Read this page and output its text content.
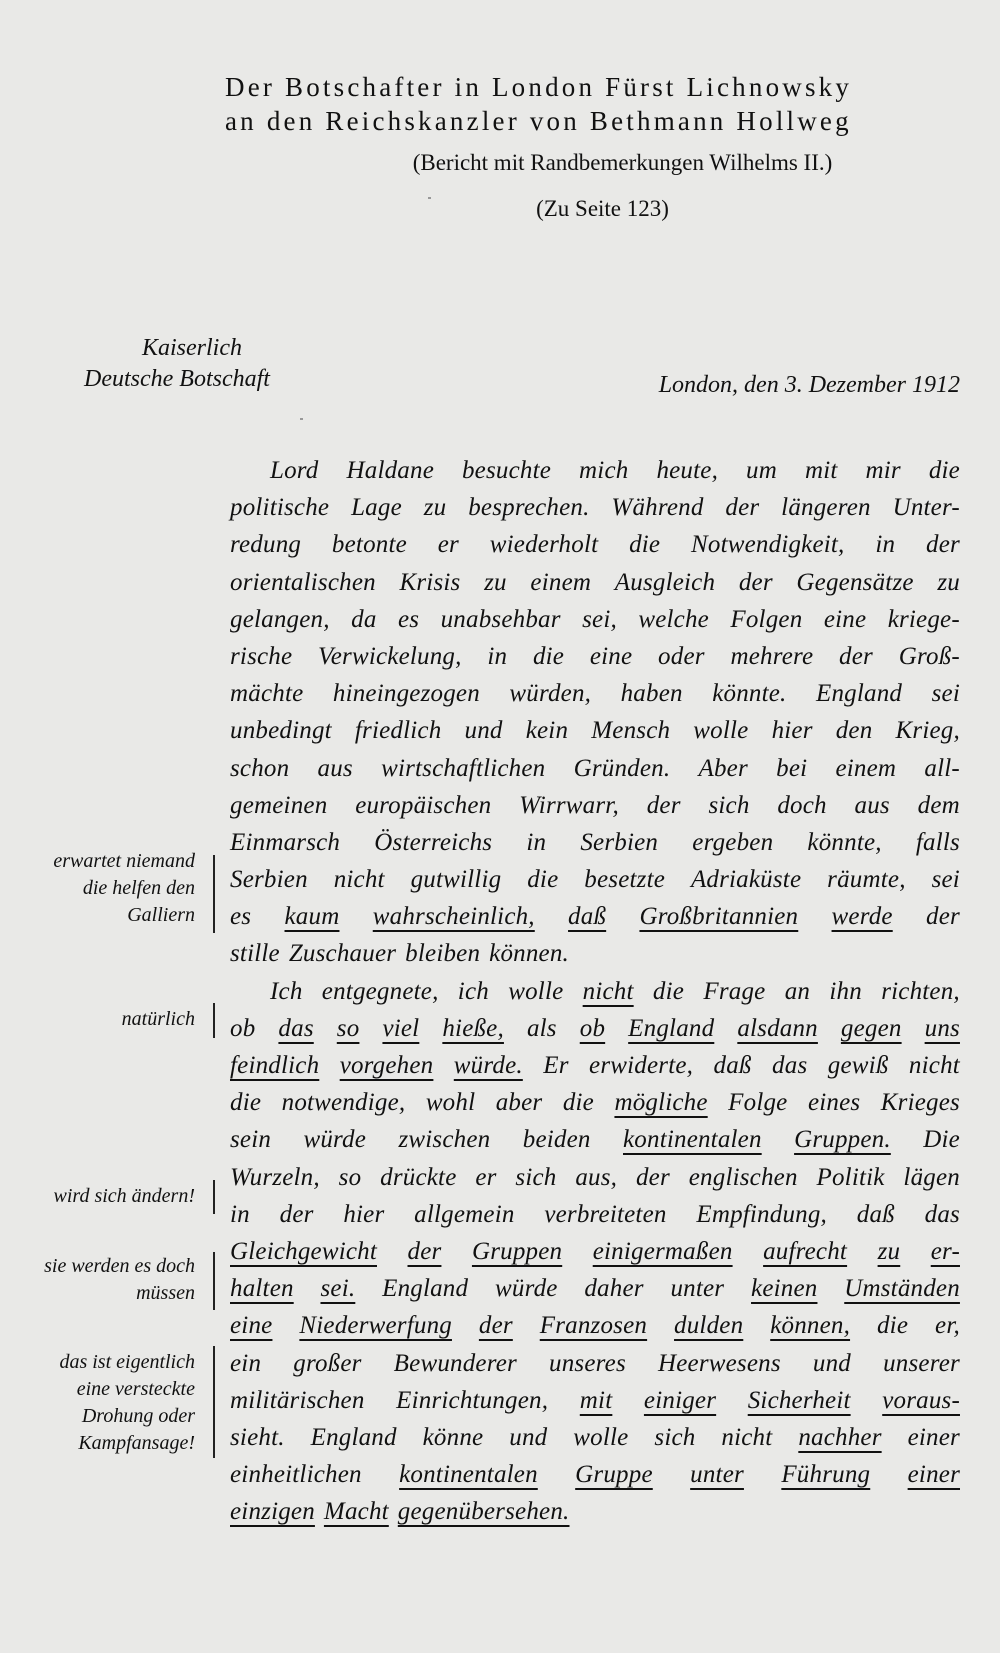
Der Botschafter in London Fürst Lichnowsky
an den Reichskanzler von Bethmann Hollweg
(Bericht mit Randbemerkungen Wilhelms II.)
(Zu Seite 123)
Kaiserlich
Deutsche Botschaft	London, den 3. Dezember 1912
Lord Haldane besuchte mich heute, um mit mir die
politische Lage zu besprechen. Während der längeren Unter-
redung betonte er wiederholt die Notwendigkeit, in der
orientalischen Krisis zu einem Ausgleich der Gegensätze zu
gelangen, da es unabsehbar sei, welche Folgen eine kriege-
rische Verwickelung, in die eine oder mehrere der Groß-
mächte hineingezogen würden, haben könnte. England sei
unbedingt friedlich und kein Mensch wolle hier den Krieg,
schon aus wirtschaftlichen Gründen. Aber bei einem all-
gemeinen europäischen Wirrwarr, der sich doch aus dem
Einmarsch Österreichs in Serbien ergeben könnte, falls
Serbien nicht gutwillig die besetzte Adriaküste räumte, sei
es kaum wahrscheinlich, daß Großbritannien werde der
stille Zuschauer bleiben können.
Ich entgegnete, ich wolle nicht die Frage an ihn richten,
ob das so viel hieße, als ob England alsdann gegen uns
feindlich vorgehen würde. Er erwiderte, daß das gewiß nicht
die notwendige, wohl aber die mögliche Folge eines Krieges
sein würde zwischen beiden kontinentalen Gruppen. Die
Wurzeln, so drückte er sich aus, der englischen Politik lägen
in der hier allgemein verbreiteten Empfindung, daß das
Gleichgewicht der Gruppen einigermaßen aufrecht zu er-
halten sei. England würde daher unter keinen Umständen
eine Niederwerfung der Franzosen dulden können, die er,
ein großer Bewunderer unseres Heerwesens und unserer
militärischen Einrichtungen, mit einiger Sicherheit voraus-
sieht. England könne und wolle sich nicht nachher einer
einheitlichen kontinentalen Gruppe unter Führung einer
einzigen Macht gegenübersehen.
erwartet niemand
die helfen den
Galliern
natürlich
wird sich ändern!
sie werden es doch
müssen
das ist eigentlich
eine versteckte
Drohung oder
Kampfansage!
